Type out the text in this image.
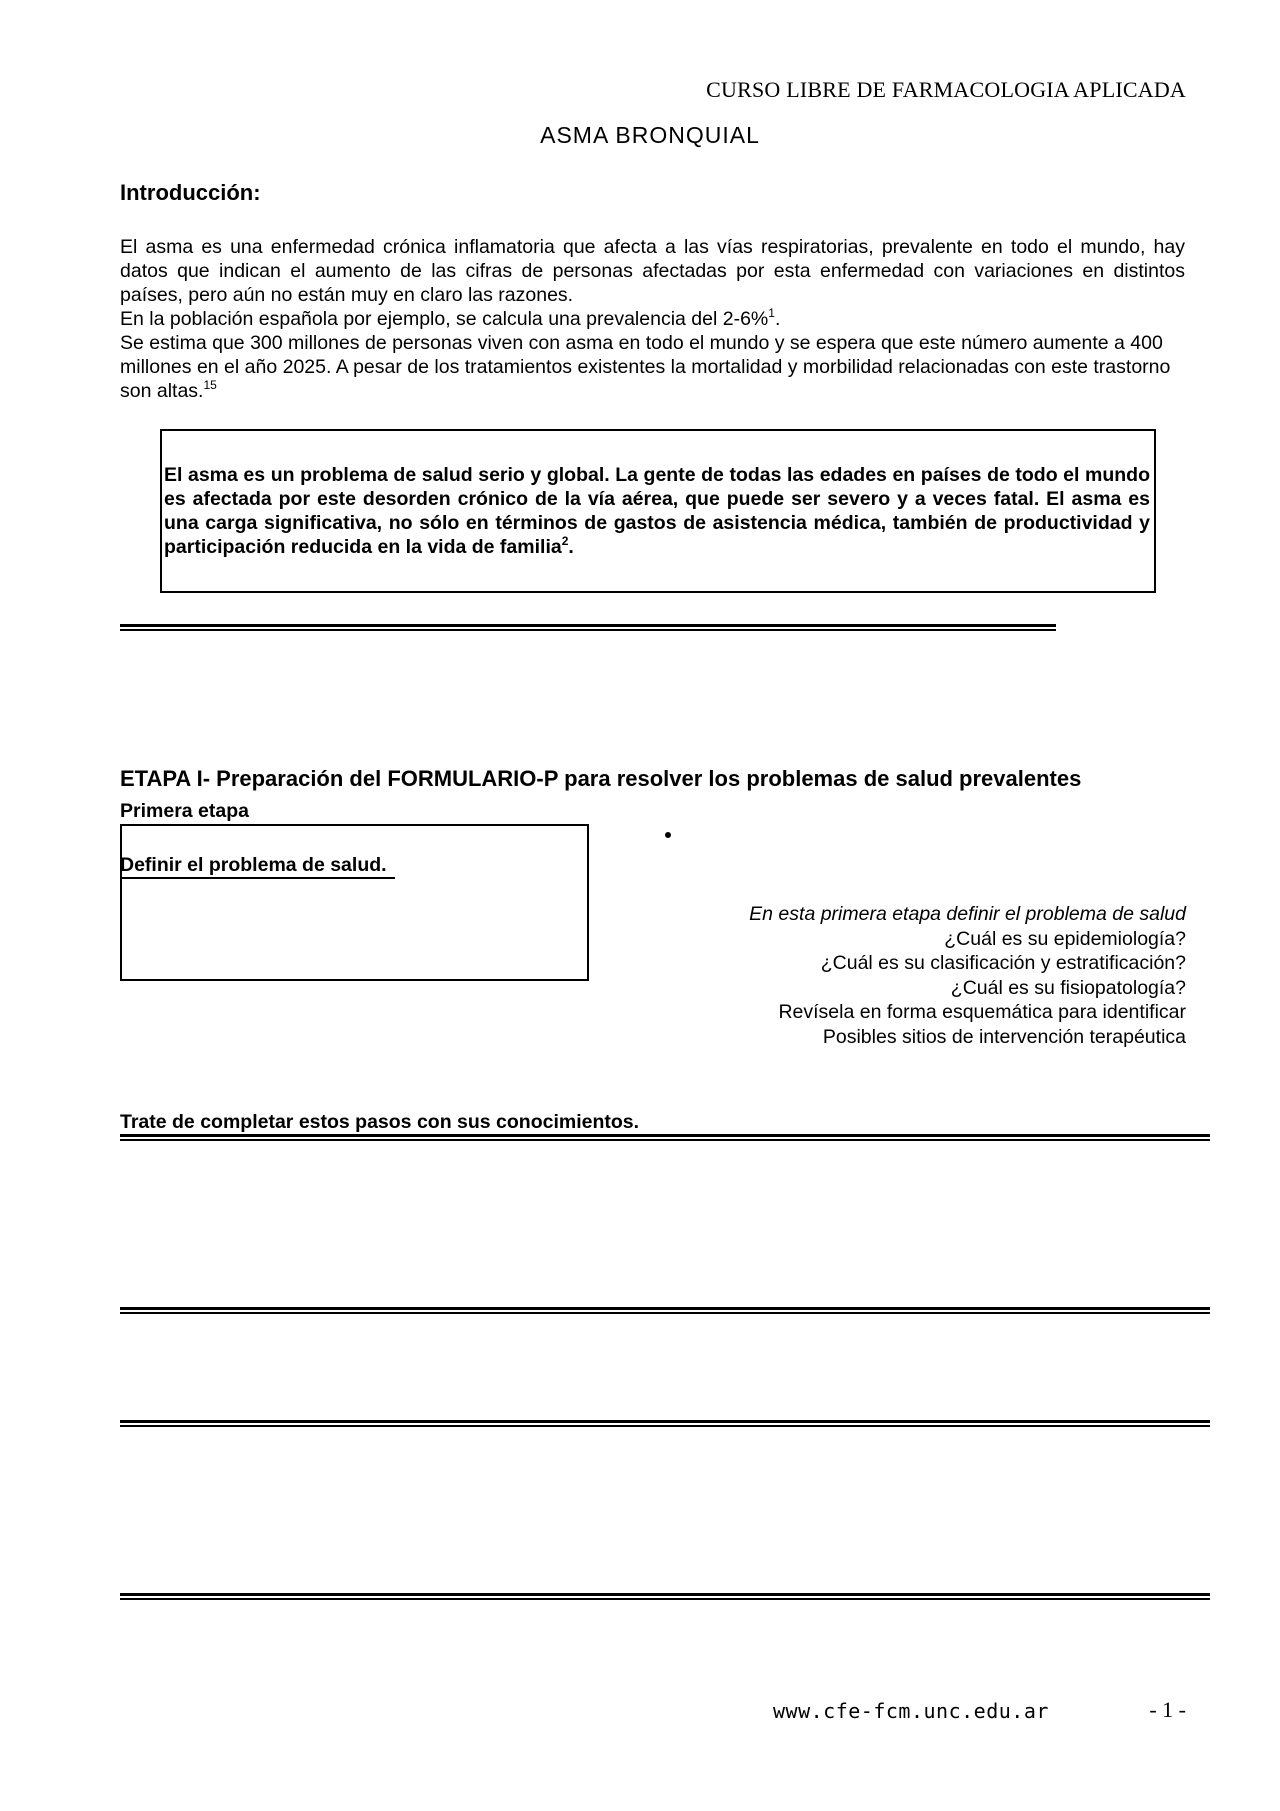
CURSO LIBRE DE FARMACOLOGIA APLICADA
ASMA BRONQUIAL
Introducción:

El asma es una enfermedad crónica inflamatoria que afecta a las vías respiratorias, prevalente en todo el mundo, hay datos que indican el aumento de las cifras de personas afectadas por esta enfermedad con variaciones en distintos países, pero aún no están muy en claro las razones.

En la población española por ejemplo, se calcula una prevalencia del 2-6%$^1$.

Se estima que 300 millones de personas viven con asma en todo el mundo y se espera que este número aumente a 400 millones en el año 2025. A pesar de los tratamientos existentes la mortalidad y morbilidad relacionadas con este trastorno son altas.$^{15}$

El asma es un problema de salud serio y global. La gente de todas las edades en países de todo el mundo es afectada por este desorden crónico de la vía aérea, que puede ser severo y a veces fatal. El asma es una carga significativa, no sólo en términos de gastos de asistencia médica, también de productividad y participación reducida en la vida de familia$^2$.

ETAPA I- Preparación del FORMULARIO-P para resolver los problemas de salud prevalentes
Primera etapa
Definir el problema de salud.
En esta primera etapa definir el problema de salud
¿Cuál es su epidemiología?
¿Cuál es su clasificación y estratificación?
¿Cuál es su fisiopatología?
Revísela en forma esquemática para identificar
Posibles sitios de intervención terapéutica
Trate de completar estos pasos con sus conocimientos.
www.cfe-fcm.unc.edu.ar	- 1 -
